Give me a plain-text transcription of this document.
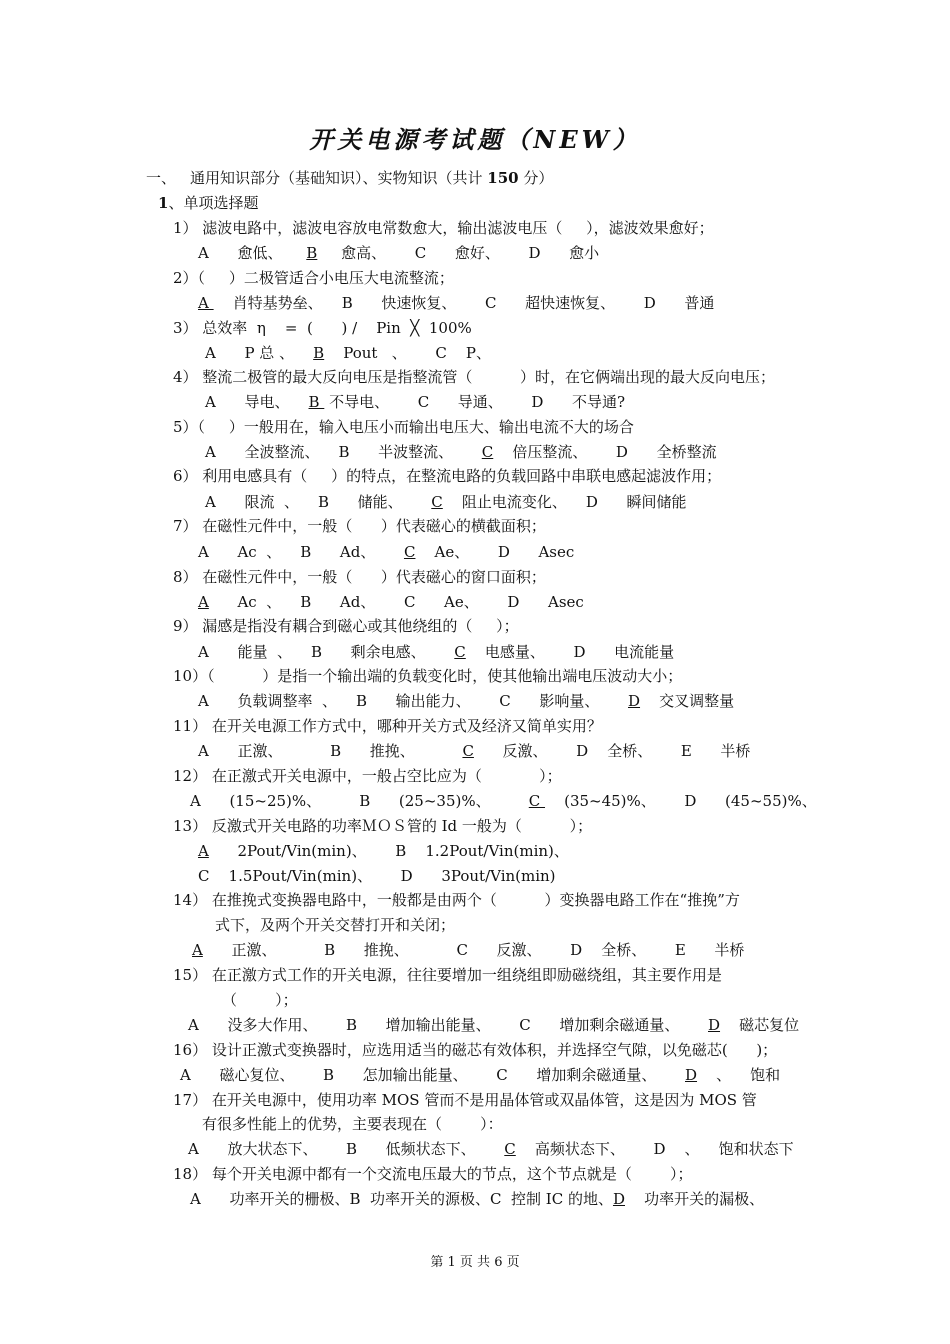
开关电源考试题（NEW）
一、 通用知识部分（基础知识）、实物知识（共计 150 分）
1、单项选择题
1） 滤波电路中，滤波电容放电常数愈大，输出滤波电压（     ），滤波效果愈好；
A      愈低、     B     愈高、      C      愈好、      D      愈小
2）（     ）二极管适合小电压大电流整流；
A     肖特基势垒、    B      快速恢复、      C      超快速恢复、      D      普通
3） 总效率  η    =  (      ) /    Pin  ╳  100%
A      P 总 、    B    Pout   、      C    P、
4） 整流二极管的最大反向电压是指整流管（          ）时，在它俩端出现的最大反向电压；
A      导电、    B  不导电、      C      导通、      D      不导通?
5）（     ）一般用在，输入电压小而输出电压大、输出电流不大的场合
A      全波整流、    B      半波整流、      C    倍压整流、      D      全桥整流
6） 利用电感具有（     ）的特点，在整流电路的负载回路中串联电感起滤波作用；
A      限流  、    B      储能、      C    阻止电流变化、    D      瞬间储能
7） 在磁性元件中，一般（      ）代表磁心的横截面积；
A      Ac  、    B      Ad、      C    Ae、      D      Asec
8） 在磁性元件中，一般（      ）代表磁心的窗口面积；
A      Ac  、    B      Ad、      C      Ae、      D      Asec
9） 漏感是指没有耦合到磁心或其他绕组的（     ）；
A      能量  、    B      剩余电感、      C    电感量、      D      电流能量
10）（          ）是指一个输出端的负载变化时，使其他输出端电压波动大小；
A      负载调整率  、    B      输出能力、      C      影响量、      D    交叉调整量
11） 在开关电源工作方式中，哪种开关方式及经济又简单实用？
A      正激、          B      推挽、          C      反激、      D    全桥、      E      半桥
12） 在正激式开关电源中，一般占空比应为（            ）；
A      (15~25)%、        B      (25~35)%、        C     (35~45)%、      D      (45~55)%、
13） 反激式开关电路的功率ＭＯＳ管的 Id 一般为（          ）；
A      2Pout/Vin(min)、      B    1.2Pout/Vin(min)、
C    1.5Pout/Vin(min)、      D      3Pout/Vin(min)
14） 在推挽式变换器电路中，一般都是由两个（          ）变换器电路工作在“推挽”方
式下，及两个开关交替打开和关闭；
A      正激、          B      推挽、          C      反激、      D    全桥、      E      半桥
15） 在正激方式工作的开关电源，往往要增加一组绕组即励磁绕组，其主要作用是
（        ）；
A      没多大作用、      B      增加输出能量、      C      增加剩余磁通量、      D    磁芯复位
16） 设计正激式变换器时，应选用适当的磁芯有效体积，并选择空气隙，以免磁芯(      )；
A      磁心复位、      B      怎加输出能量、      C      增加剩余磁通量、      D    、    饱和
17） 在开关电源中，使用功率 MOS 管而不是用晶体管或双晶体管，这是因为 MOS 管
有很多性能上的优势，主要表现在（        ）：
A      放大状态下、      B      低频状态下、      C    高频状态下、      D    、    饱和状态下
18） 每个开关电源中都有一个交流电压最大的节点，这个节点就是（        ）；
A      功率开关的栅极、B  功率开关的源极、C  控制 IC 的地、D    功率开关的漏极、
第 1 页 共 6 页
